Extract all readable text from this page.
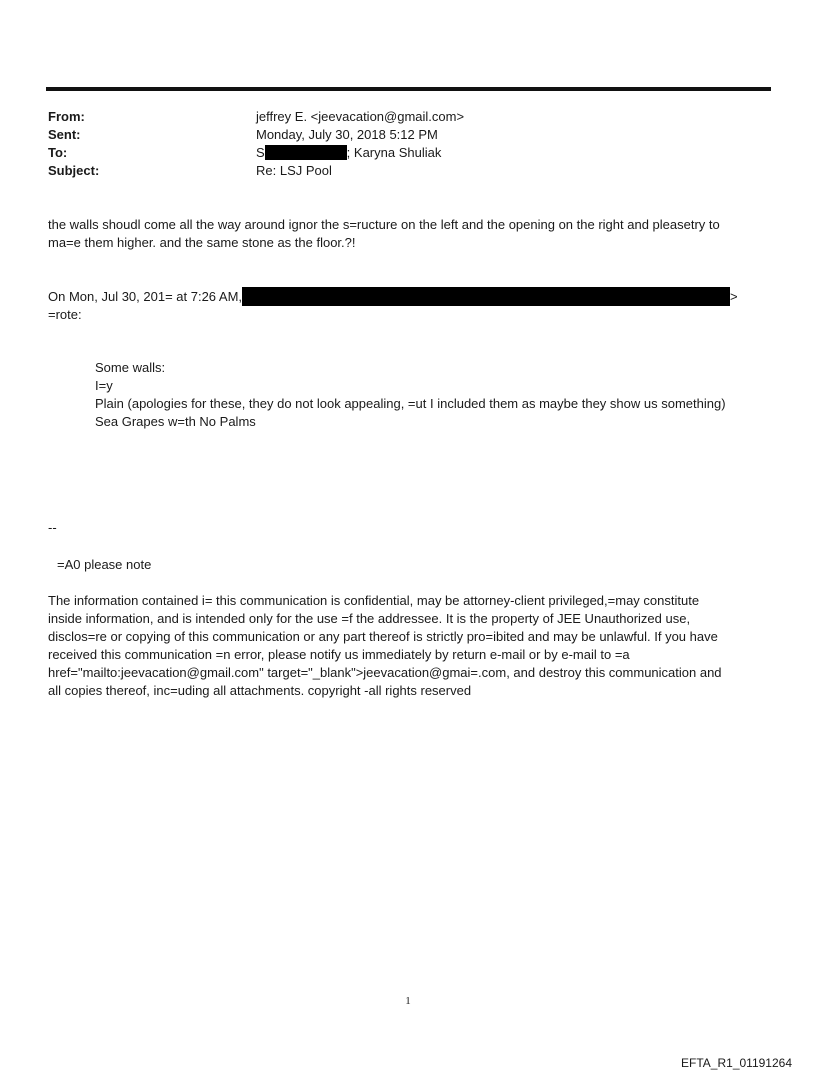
From:	jeffrey E. <jeevacation@gmail.com>
Sent:	Monday, July 30, 2018 5:12 PM
To:	S	; Karyna Shuliak
Subject:	Re: LSJ Pool
the walls shoudl come all the way around ignor the s=ructure on the left and the opening on the right and pleasetry to
ma=e them higher. and the same stone as the floor.?!
On Mon, Jul 30, 201= at 7:26 AM,	>
=rote:
Some walls:
I=y
Plain (apologies for these, they do not look appealing, =ut I included them as maybe they show us something)
Sea Grapes w=th No Palms
--
=A0 please note
The information contained i= this communication is confidential, may be attorney-client privileged,=may constitute
inside information, and is intended only for the use =f the addressee. It is the property of JEE Unauthorized use,
disclos=re or copying of this communication or any part thereof is strictly pro=ibited and may be unlawful. If you have
received this communication =n error, please notify us immediately by return e-mail or by e-mail to =a
href="mailto:jeevacation@gmail.com" target="_blank">jeevacation@gmai=.com, and destroy this communication and
all copies thereof, inc=uding all attachments. copyright -all rights reserved
1
EFTA_R1_01191264
